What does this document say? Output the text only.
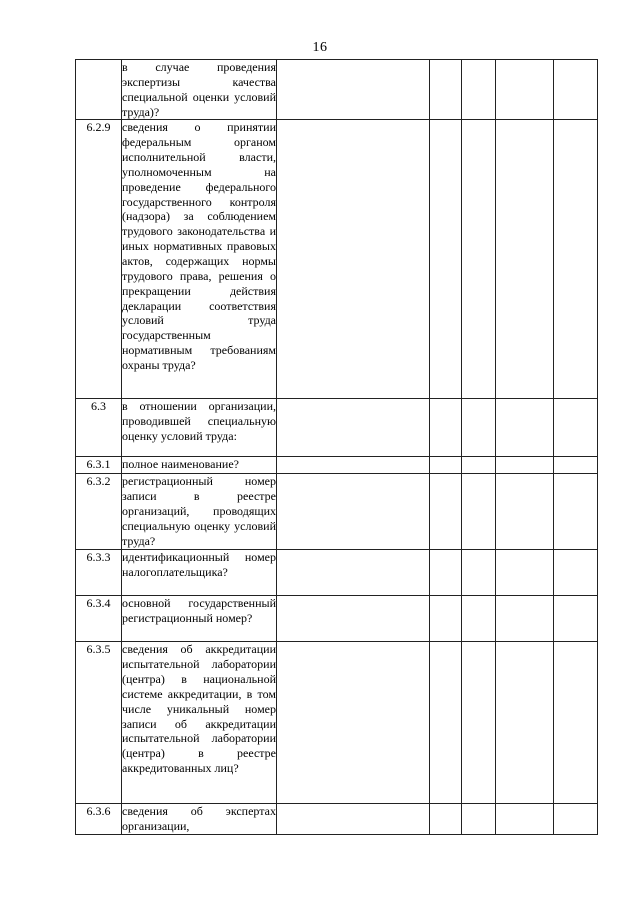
16

	в случае проведения экспертизы качества специальной оценки условий труда)?					

6.2.9	сведения о принятии федеральным органом исполнительной власти, уполномоченным на проведение федерального государственного контроля (надзора) за соблюдением трудового законодательства и иных нормативных правовых актов, содержащих нормы трудового права, решения о прекращении действия декларации соответствия условий труда государственным нормативным требованиям охраны труда?					

6.3	в отношении организации, проводившей специальную оценку условий труда:					

6.3.1	полное наименование?					

6.3.2	регистрационный номер записи в реестре организаций, проводящих специальную оценку условий труда?					

6.3.3	идентификационный номер налогоплательщика?					

6.3.4	основной государственный регистрационный номер?					

6.3.5	сведения об аккредитации испытательной лаборатории (центра) в национальной системе аккредитации, в том числе уникальный номер записи об аккредитации испытательной лаборатории (центра) в реестре аккредитованных лиц?					

6.3.6	сведения об экспертах организации,					
